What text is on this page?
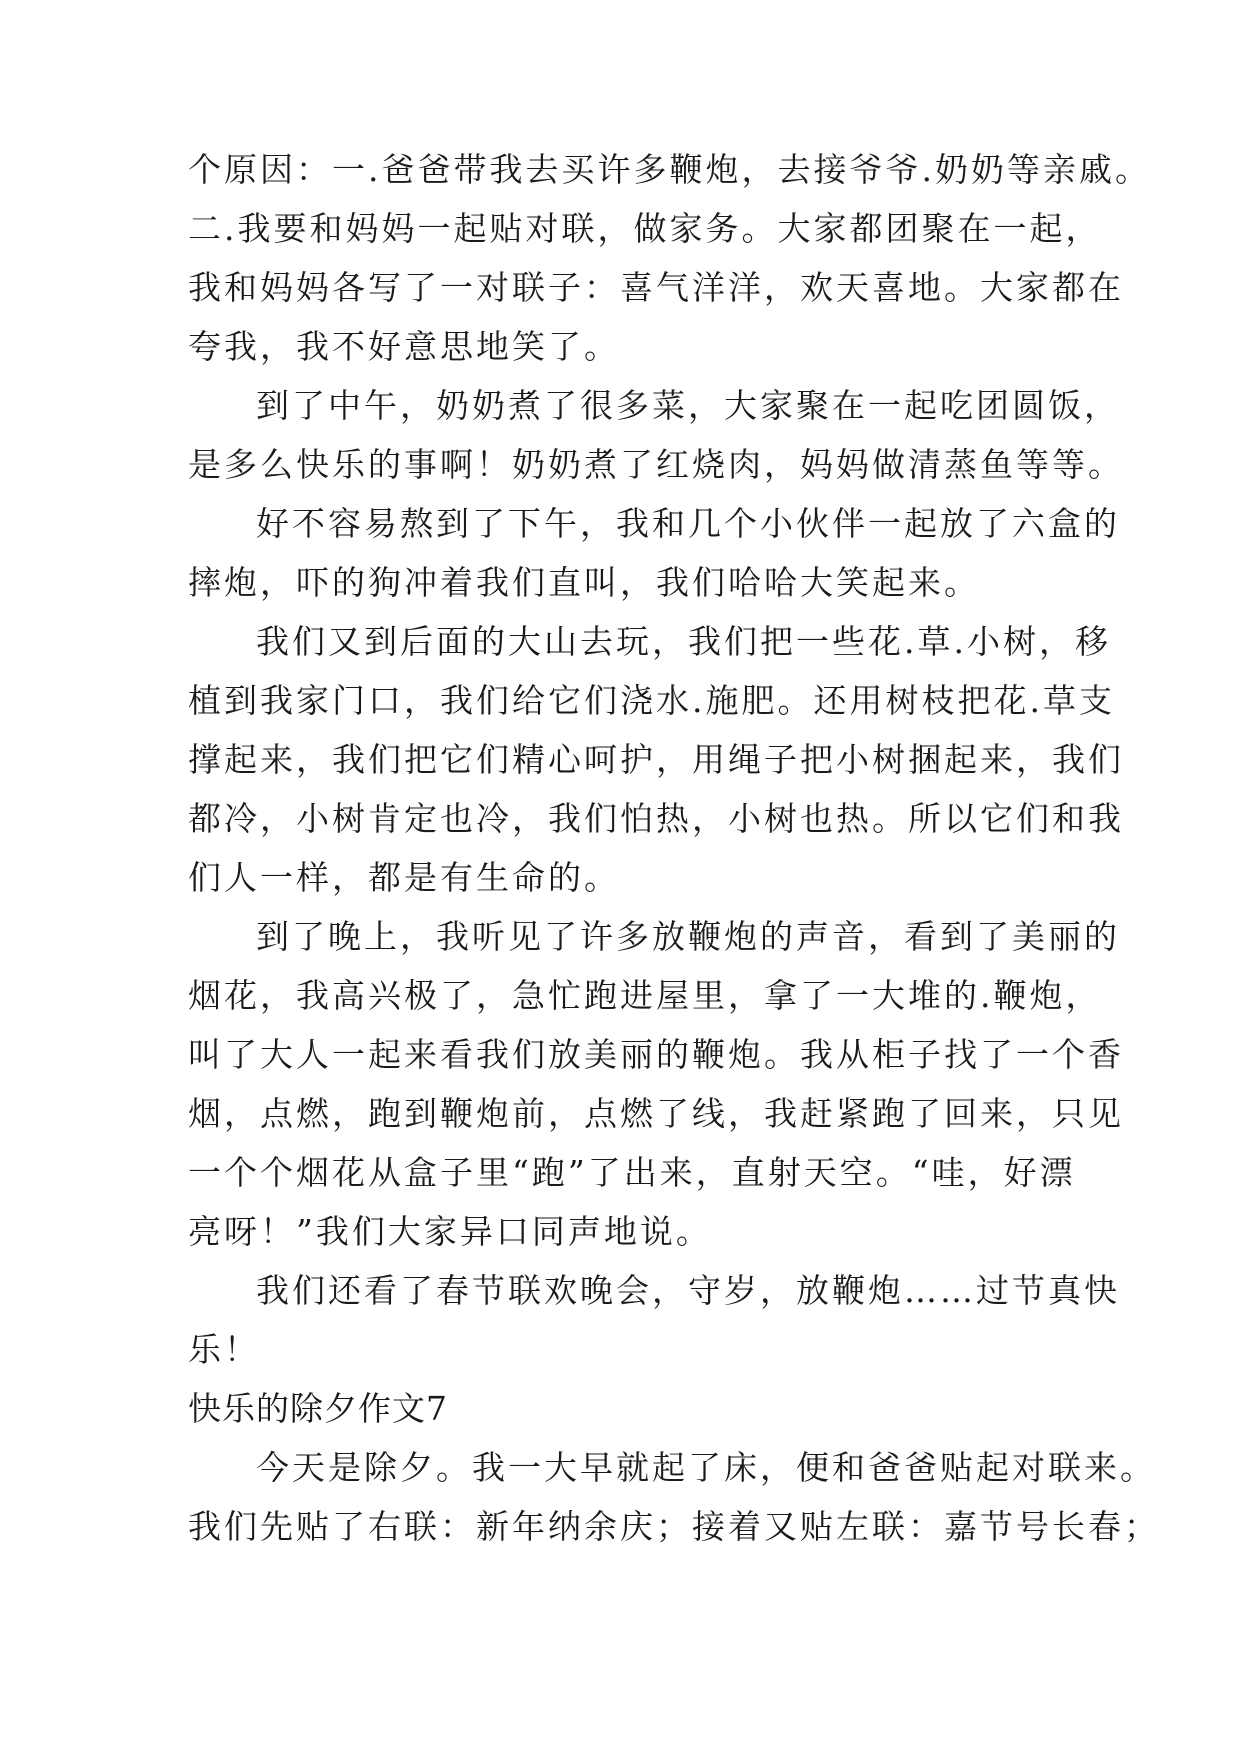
个原因：一.爸爸带我去买许多鞭炮，去接爷爷.奶奶等亲戚。
二.我要和妈妈一起贴对联，做家务。大家都团聚在一起，
我和妈妈各写了一对联子：喜气洋洋，欢天喜地。大家都在
夸我，我不好意思地笑了。
到了中午，奶奶煮了很多菜，大家聚在一起吃团圆饭，
是多么快乐的事啊！奶奶煮了红烧肉，妈妈做清蒸鱼等等。
好不容易熬到了下午，我和几个小伙伴一起放了六盒的
摔炮，吓的狗冲着我们直叫，我们哈哈大笑起来。
我们又到后面的大山去玩，我们把一些花.草.小树，移
植到我家门口，我们给它们浇水.施肥。还用树枝把花.草支
撑起来，我们把它们精心呵护，用绳子把小树捆起来，我们
都冷，小树肯定也冷，我们怕热，小树也热。所以它们和我
们人一样，都是有生命的。
到了晚上，我听见了许多放鞭炮的声音，看到了美丽的
烟花，我高兴极了，急忙跑进屋里，拿了一大堆的.鞭炮，
叫了大人一起来看我们放美丽的鞭炮。我从柜子找了一个香
烟，点燃，跑到鞭炮前，点燃了线，我赶紧跑了回来，只见
一个个烟花从盒子里“跑”了出来，直射天空。“哇，好漂
亮呀！”我们大家异口同声地说。
我们还看了春节联欢晚会，守岁，放鞭炮……过节真快
乐！
快乐的除夕作文7
今天是除夕。我一大早就起了床，便和爸爸贴起对联来。
我们先贴了右联：新年纳余庆；接着又贴左联：嘉节号长春；
